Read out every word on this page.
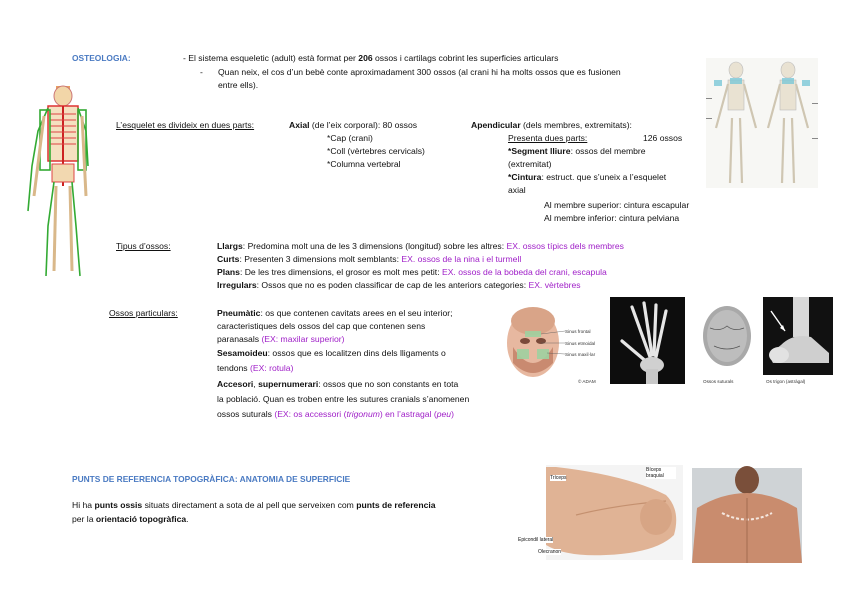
OSTEOLOGIA:	- El sistema esqueletic (adult) està format per 206 ossos i cartilags cobrint les superficies articulars
- Quan neix, el cos d’un bebè conte aproximadament 300 ossos (al crani hi ha molts ossos que es fusionen
entre ells).
L’esquelet es divideix en dues parts:	Axial (de l’eix corporal): 80 ossos
*Cap (crani)
*Coll (vèrtebres cervicals)
*Columna vertebral
Apendicular (dels membres, extremitats):
Presenta dues parts:	126 ossos
*Segment lliure: ossos del membre
(extremitat)
*Cintura: estruct. que s’uneix a l’esquelet
axial
Al membre superior: cintura escapular
Al membre inferior: cintura pelviana
Tipus d’ossos:	Llargs: Predomina molt una de les 3 dimensions (longitud) sobre les altres: EX. ossos típics dels membres
Curts: Presenten 3 dimensions molt semblants: EX. ossos de la nina i el turmell
Plans: De les tres dimensions, el grosor es molt mes petit: EX. ossos de la bobeda del crani, escapula
Irregulars: Ossos que no es poden classificar de cap de les anteriors categories: EX. vèrtebres
Ossos particulars:	Pneumàtic: os que contenen cavitats arees en el seu interior;
caracteristiques dels ossos del cap que contenen sens
paranasals (EX: maxilar superior)
Sesamoideu: ossos que es localitzen dins dels lligaments o
tendons (EX: rotula)
Accesori, supernumerari: ossos que no son constants en tota
la població. Quan es troben entre les sutures cranials s’anomenen
ossos suturals (EX: os accessori (trigonum) en l’astragal (peu)
Sinus frontal
Sinus etmoidal
Sinus maxil·lar
© ADAM	Ossos suturals	Os trigon (astràgal)
PUNTS DE REFERENCIA TOPOGRÀFICA: ANATOMIA DE SUPERFICIE
Hi ha punts ossis situats directament a sota de al pell que serveixen com punts de referencia
per la orientació topogràfica.
Tríceps
Bíceps braquial
Epicondil lateral
Olecranon
